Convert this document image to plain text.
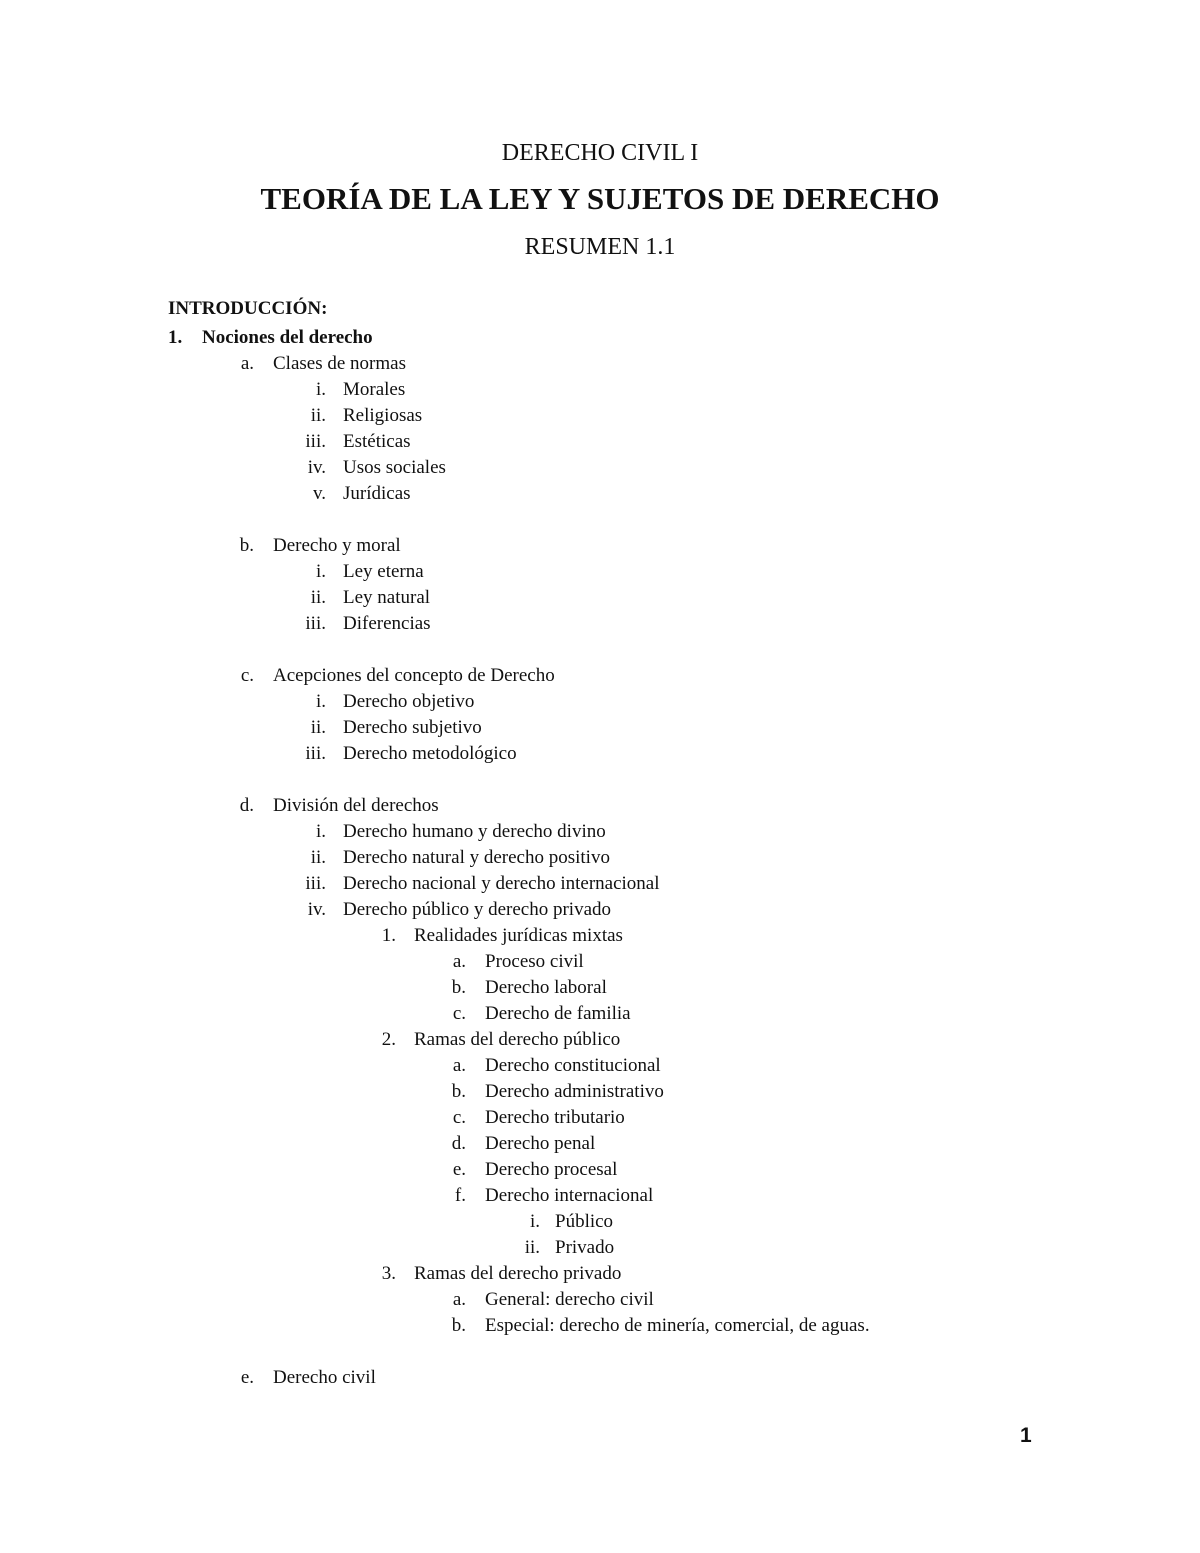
DERECHO CIVIL I
TEORÍA DE LA LEY Y SUJETOS DE DERECHO
RESUMEN 1.1
INTRODUCCIÓN:
1. Nociones del derecho
a. Clases de normas
i. Morales
ii. Religiosas
iii. Estéticas
iv. Usos sociales
v. Jurídicas
b. Derecho y moral
i. Ley eterna
ii. Ley natural
iii. Diferencias
c. Acepciones del concepto de Derecho
i. Derecho objetivo
ii. Derecho subjetivo
iii. Derecho metodológico
d. División del derechos
i. Derecho humano y derecho divino
ii. Derecho natural y derecho positivo
iii. Derecho nacional y derecho internacional
iv. Derecho público y derecho privado
1. Realidades jurídicas mixtas
a. Proceso civil
b. Derecho laboral
c. Derecho de familia
2. Ramas del derecho público
a. Derecho constitucional
b. Derecho administrativo
c. Derecho tributario
d. Derecho penal
e. Derecho procesal
f. Derecho internacional
i. Público
ii. Privado
3. Ramas del derecho privado
a. General: derecho civil
b. Especial: derecho de minería, comercial, de aguas.
e. Derecho civil
1
